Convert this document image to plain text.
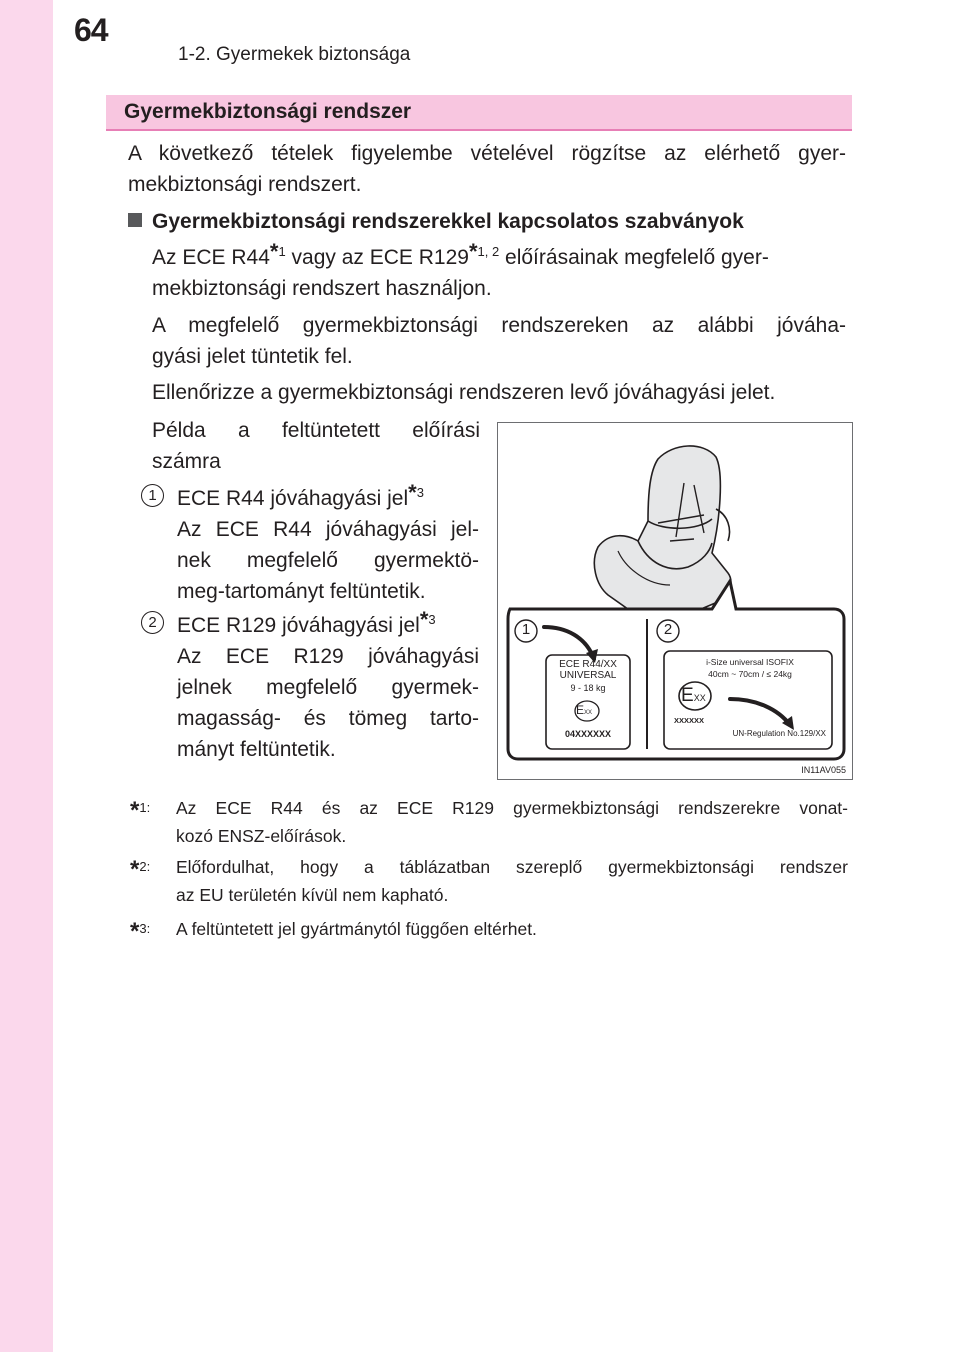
64
1-2. Gyermekek biztonsága
Gyermekbiztonsági rendszer

A következő tételek figyelembe vételével rögzítse az elérhető gyer-

mekbiztonsági rendszert.

Gyermekbiztonsági rendszerekkel kapcsolatos szabványok

Az ECE R44$^{*1}$ vagy az ECE R129$^{*1, 2}$ előírásainak megfelelő gyer-

mekbiztonsági rendszert használjon.

A megfelelő gyermekbiztonsági rendszereken az alábbi jóváha-

gyási jelet tüntetik fel.

Ellenőrizze a gyermekbiztonsági rendszeren levő jóváhagyási jelet.

Példa a feltüntetett előírási

számra

1 ECE R44 jóváhagyási jel$^{*3}$

Az ECE R44 jóváhagyási jel-

nek megfelelő gyermektö-

meg-tartományt feltüntetik.

2 ECE R129 jóváhagyási jel$^{*3}$

Az ECE R129 jóváhagyási

jelnek megfelelő gyermek-

magasság- és tömeg tarto-

mányt feltüntetik.

1	2
ECE R44/XX
UNIVERSAL
9 - 18 kg
EXX
04XXXXXX
i-Size universal ISOFIX
40cm ~ 70cm / ≤ 24kg
EXX
XXXXXX
UN-Regulation No.129/XX
IN11AV055
*1: Az ECE R44 és az ECE R129 gyermekbiztonsági rendszerekre vonat-
kozó ENSZ-előírások.
*2: Előfordulhat, hogy a táblázatban szereplő gyermekbiztonsági rendszer
az EU területén kívül nem kapható.
*3: A feltüntetett jel gyártmánytól függően eltérhet.
